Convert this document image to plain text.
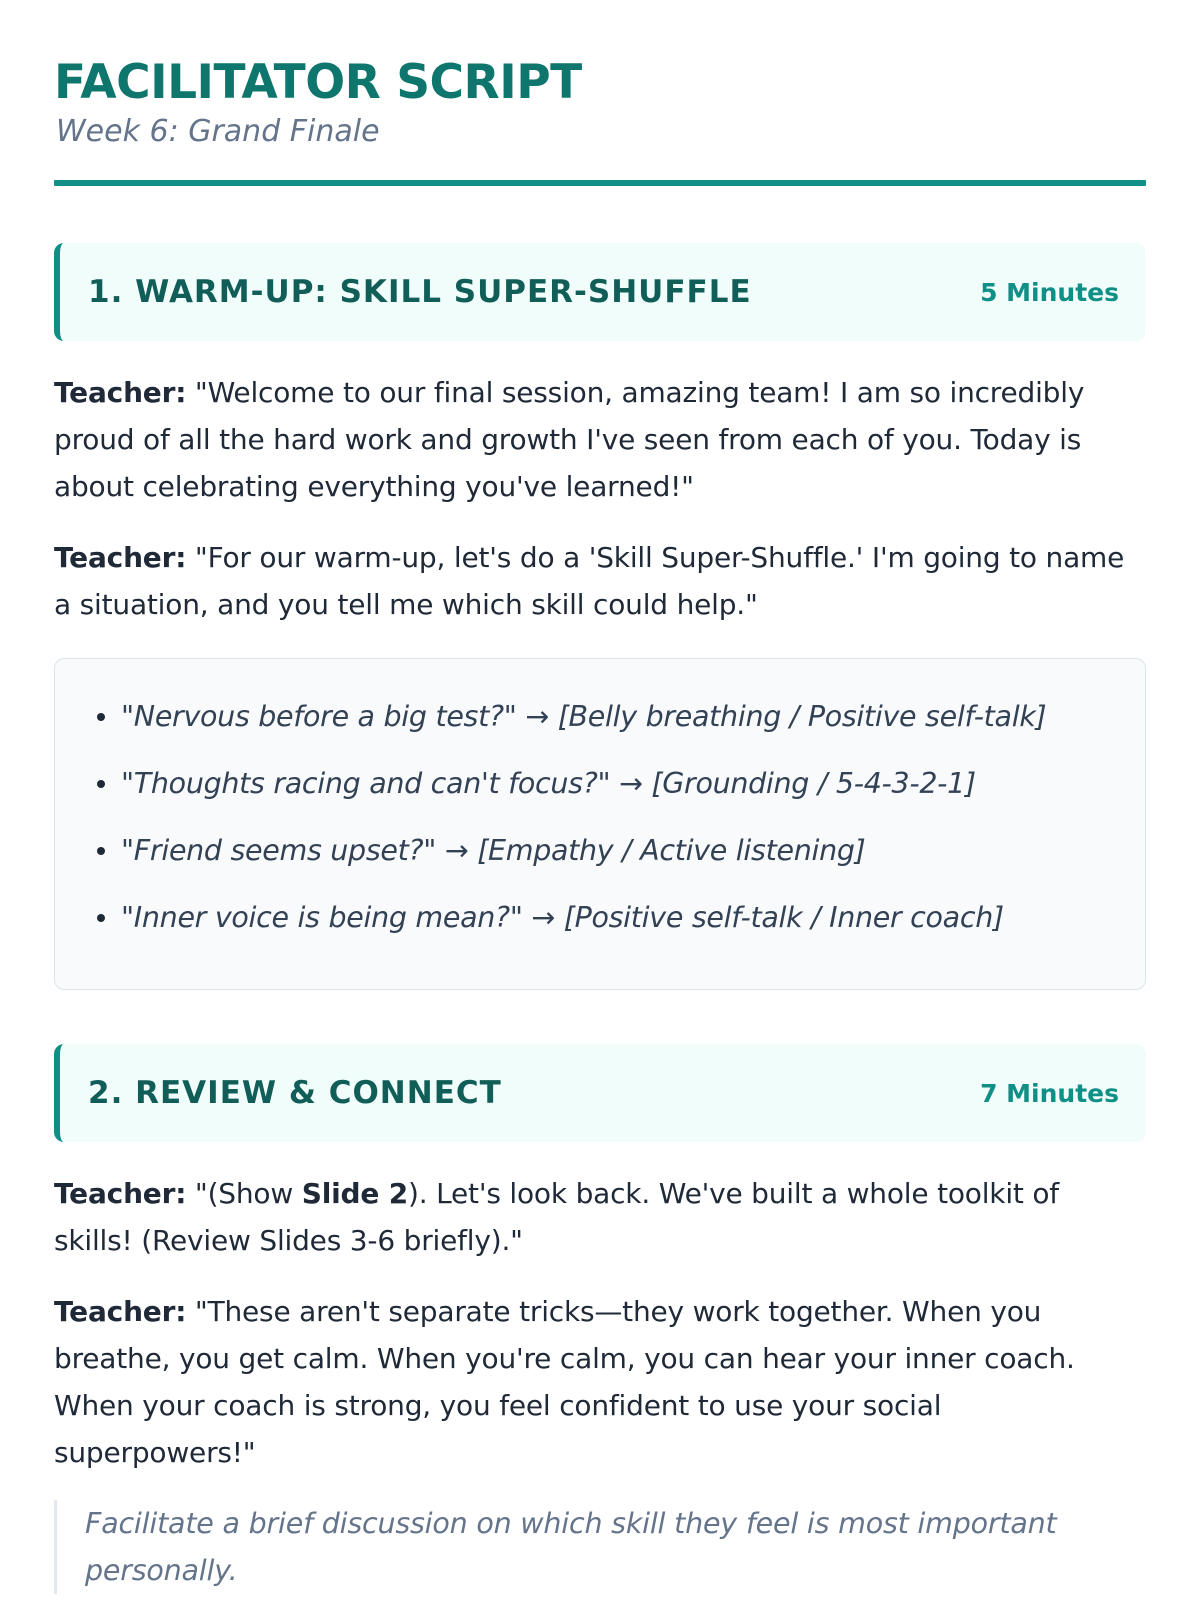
FACILITATOR SCRIPT
Week 6: Grand Finale
1. WARM-UP: SKILL SUPER-SHUFFLE	5 Minutes

Teacher: "Welcome to our final session, amazing team! I am so incredibly proud of all the hard work and growth I've seen from each of you. Today is about celebrating everything you've learned!"

Teacher: "For our warm-up, let's do a 'Skill Super-Shuffle.' I'm going to name a situation, and you tell me which skill could help."

"Nervous before a big test?" → [Belly breathing / Positive self-talk]
"Thoughts racing and can't focus?" → [Grounding / 5-4-3-2-1]
"Friend seems upset?" → [Empathy / Active listening]
"Inner voice is being mean?" → [Positive self-talk / Inner coach]
2. REVIEW & CONNECT	7 Minutes

Teacher: "(Show Slide 2). Let's look back. We've built a whole toolkit of skills! (Review Slides 3-6 briefly)."

Teacher: "These aren't separate tricks—they work together. When you breathe, you get calm. When you're calm, you can hear your inner coach. When your coach is strong, you feel confident to use your social superpowers!"

Facilitate a brief discussion on which skill they feel is most important personally.
